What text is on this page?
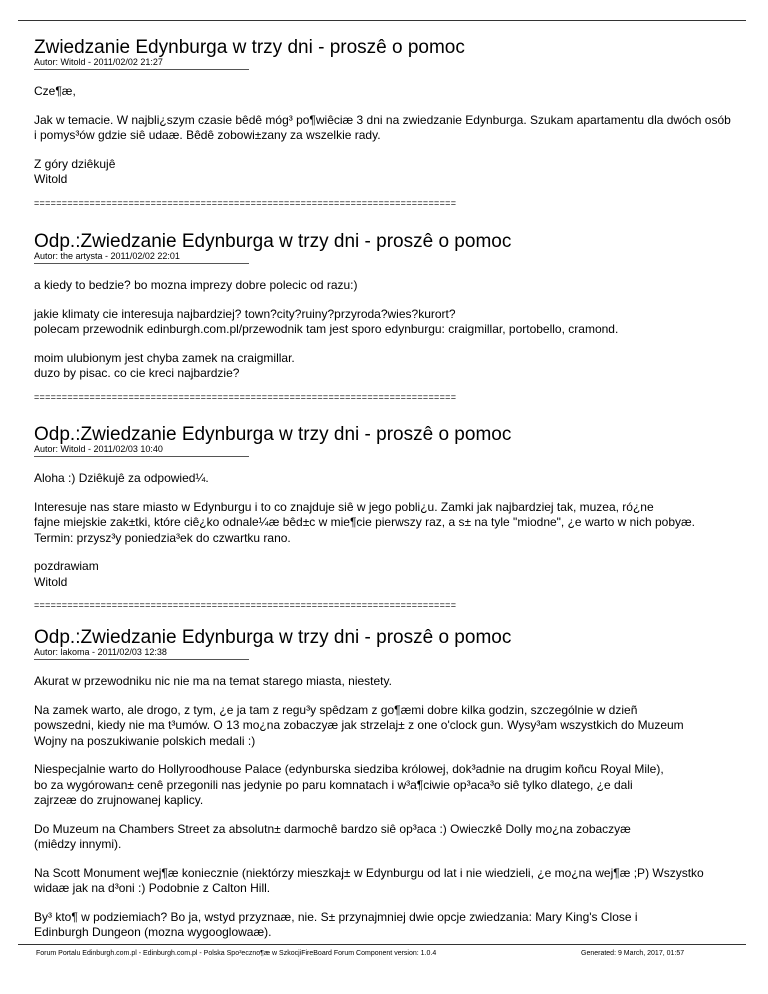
Zwiedzanie Edynburga w trzy dni - proszê o pomoc
Autor: Witold - 2011/02/02 21:27

Cze¶æ,

Jak w temacie. W najbli¿szym czasie bêdê móg³ po¶wiêciæ 3 dni na zwiedzanie Edynburga. Szukam apartamentu dla dwóch osób i pomys³ów gdzie siê udaæ. Bêdê zobowi±zany za wszelkie rady.

Z góry dziêkujê
Witold

============================================================================
Odp.:Zwiedzanie Edynburga w trzy dni - proszê o pomoc
Autor: the artysta - 2011/02/02 22:01

a kiedy to bedzie? bo mozna imprezy dobre polecic od razu:)

jakie klimaty cie interesuja najbardziej? town?city?ruiny?przyroda?wies?kurort?
polecam przewodnik edinburgh.com.pl/przewodnik tam jest sporo edynburgu: craigmillar, portobello, cramond.

moim ulubionym jest chyba zamek na craigmillar.
duzo by pisac. co cie kreci najbardzie?

============================================================================
Odp.:Zwiedzanie Edynburga w trzy dni - proszê o pomoc
Autor: Witold - 2011/02/03 10:40

Aloha :) Dziêkujê za odpowied¼.

Interesuje nas stare miasto w Edynburgu i to co znajduje siê w jego pobli¿u. Zamki jak najbardziej tak, muzea, ró¿ne
fajne miejskie zak±tki, które ciê¿ko odnale¼æ bêd±c w mie¶cie pierwszy raz, a s± na tyle "miodne", ¿e warto w nich pobyæ.
Termin: przysz³y poniedzia³ek do czwartku rano.

pozdrawiam
Witold

============================================================================
Odp.:Zwiedzanie Edynburga w trzy dni - proszê o pomoc
Autor: lakoma - 2011/02/03 12:38

Akurat w przewodniku nic nie ma na temat starego miasta, niestety.

Na zamek warto, ale drogo, z tym, ¿e ja tam z regu³y spêdzam z go¶æmi dobre kilka godzin, szczególnie w dzieñ
powszedni, kiedy nie ma t³umów. O 13 mo¿na zobaczyæ jak strzelaj± z one o'clock gun. Wysy³am wszystkich do Muzeum
Wojny na poszukiwanie polskich medali :)

Niespecjalnie warto do Hollyroodhouse Palace (edynburska siedziba królowej, dok³adnie na drugim koñcu Royal Mile),
bo za wygórowan± cenê przegonili nas jedynie po paru komnatach i w³a¶ciwie op³aca³o siê tylko dlatego, ¿e dali
zajrzeæ do zrujnowanej kaplicy.

Do Muzeum na Chambers Street za absolutn± darmochê bardzo siê op³aca :) Owieczkê Dolly mo¿na zobaczyæ
(miêdzy innymi).

Na Scott Monument wej¶æ koniecznie (niektórzy mieszkaj± w Edynburgu od lat i nie wiedzieli, ¿e mo¿na wej¶æ ;P) Wszystko
widaæ jak na d³oni :) Podobnie z Calton Hill.

By³ kto¶ w podziemiach? Bo ja, wstyd przyznaæ, nie. S± przynajmniej dwie opcje zwiedzania: Mary King's Close i
Edinburgh Dungeon (mozna wygooglowaæ).

Forum Portalu Edinburgh.com.pl - Edinburgh.com.pl - Polska Spo³eczno¶æ w SzkocjiFireBoard Forum Component version: 1.0.4	Generated: 9 March, 2017, 01:57
